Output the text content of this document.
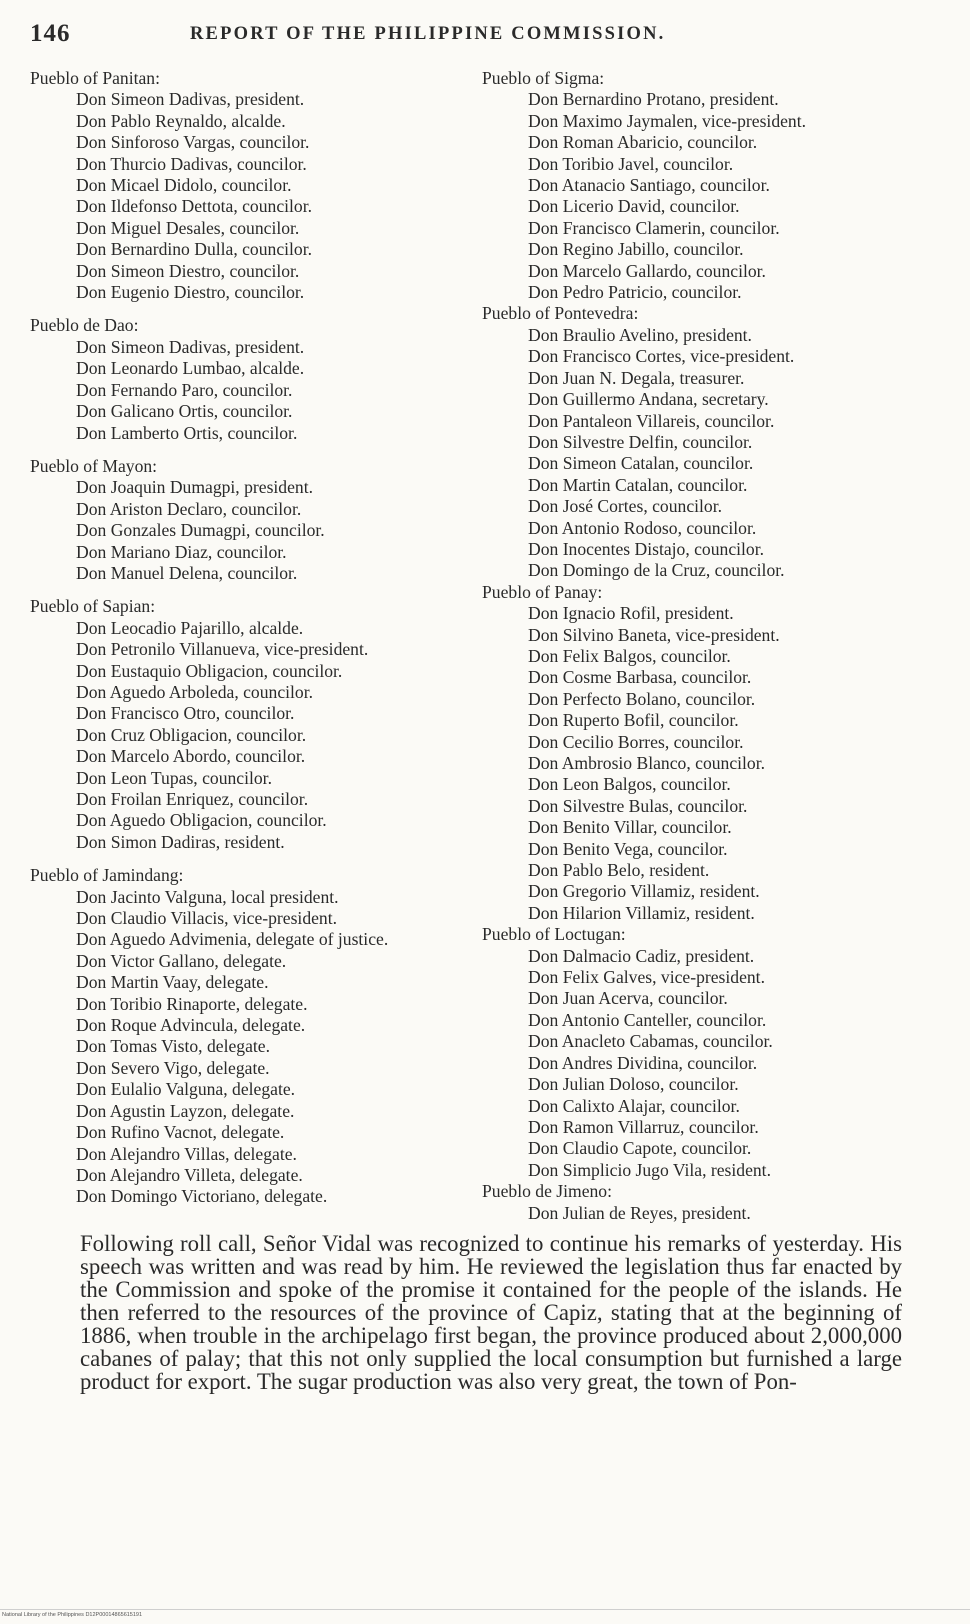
146	REPORT OF THE PHILIPPINE COMMISSION.
Pueblo of Panitan:
Don Simeon Dadivas, president.
Don Pablo Reynaldo, alcalde.
Don Sinforoso Vargas, councilor.
Don Thurcio Dadivas, councilor.
Don Micael Didolo, councilor.
Don Ildefonso Dettota, councilor.
Don Miguel Desales, councilor.
Don Bernardino Dulla, councilor.
Don Simeon Diestro, councilor.
Don Eugenio Diestro, councilor.
Pueblo de Dao:
Don Simeon Dadivas, president.
Don Leonardo Lumbao, alcalde.
Don Fernando Paro, councilor.
Don Galicano Ortis, councilor.
Don Lamberto Ortis, councilor.
Pueblo of Mayon:
Don Joaquin Dumagpi, president.
Don Ariston Declaro, councilor.
Don Gonzales Dumagpi, councilor.
Don Mariano Diaz, councilor.
Don Manuel Delena, councilor.
Pueblo of Sapian:
Don Leocadio Pajarillo, alcalde.
Don Petronilo Villanueva, vice-president.
Don Eustaquio Obligacion, councilor.
Don Aguedo Arboleda, councilor.
Don Francisco Otro, councilor.
Don Cruz Obligacion, councilor.
Don Marcelo Abordo, councilor.
Don Leon Tupas, councilor.
Don Froilan Enriquez, councilor.
Don Aguedo Obligacion, councilor.
Don Simon Dadiras, resident.
Pueblo of Jamindang:
Don Jacinto Valguna, local president.
Don Claudio Villacis, vice-president.
Don Aguedo Advimenia, delegate of justice.
Don Victor Gallano, delegate.
Don Martin Vaay, delegate.
Don Toribio Rinaporte, delegate.
Don Roque Advincula, delegate.
Don Tomas Visto, delegate.
Don Severo Vigo, delegate.
Don Eulalio Valguna, delegate.
Don Agustin Layzon, delegate.
Don Rufino Vacnot, delegate.
Don Alejandro Villas, delegate.
Don Alejandro Villeta, delegate.
Don Domingo Victoriano, delegate.
Pueblo of Sigma:
Don Bernardino Protano, president.
Don Maximo Jaymalen, vice-president.
Don Roman Abaricio, councilor.
Don Toribio Javel, councilor.
Don Atanacio Santiago, councilor.
Don Licerio David, councilor.
Don Francisco Clamerin, councilor.
Don Regino Jabillo, councilor.
Don Marcelo Gallardo, councilor.
Don Pedro Patricio, councilor.
Pueblo of Pontevedra:
Don Braulio Avelino, president.
Don Francisco Cortes, vice-president.
Don Juan N. Degala, treasurer.
Don Guillermo Andana, secretary.
Don Pantaleon Villareis, councilor.
Don Silvestre Delfin, councilor.
Don Simeon Catalan, councilor.
Don Martin Catalan, councilor.
Don José Cortes, councilor.
Don Antonio Rodoso, councilor.
Don Inocentes Distajo, councilor.
Don Domingo de la Cruz, councilor.
Pueblo of Panay:
Don Ignacio Rofil, president.
Don Silvino Baneta, vice-president.
Don Felix Balgos, councilor.
Don Cosme Barbasa, councilor.
Don Perfecto Bolano, councilor.
Don Ruperto Bofil, councilor.
Don Cecilio Borres, councilor.
Don Ambrosio Blanco, councilor.
Don Leon Balgos, councilor.
Don Silvestre Bulas, councilor.
Don Benito Villar, councilor.
Don Benito Vega, councilor.
Don Pablo Belo, resident.
Don Gregorio Villamiz, resident.
Don Hilarion Villamiz, resident.
Pueblo of Loctugan:
Don Dalmacio Cadiz, president.
Don Felix Galves, vice-president.
Don Juan Acerva, councilor.
Don Antonio Canteller, councilor.
Don Anacleto Cabamas, councilor.
Don Andres Dividina, councilor.
Don Julian Doloso, councilor.
Don Calixto Alajar, councilor.
Don Ramon Villarruz, councilor.
Don Claudio Capote, councilor.
Don Simplicio Jugo Vila, resident.
Pueblo de Jimeno:
Don Julian de Reyes, president.
Following roll call, Señor Vidal was recognized to continue his remarks of yesterday. His speech was written and was read by him. He reviewed the legislation thus far enacted by the Commission and spoke of the promise it contained for the people of the islands. He then referred to the resources of the province of Capiz, stating that at the beginning of 1886, when trouble in the archipelago first began, the province produced about 2,000,000 cabanes of palay; that this not only supplied the local consumption but furnished a large product for export. The sugar production was also very great, the town of Pon-
National Library of the Philippines D12P00014865615191
